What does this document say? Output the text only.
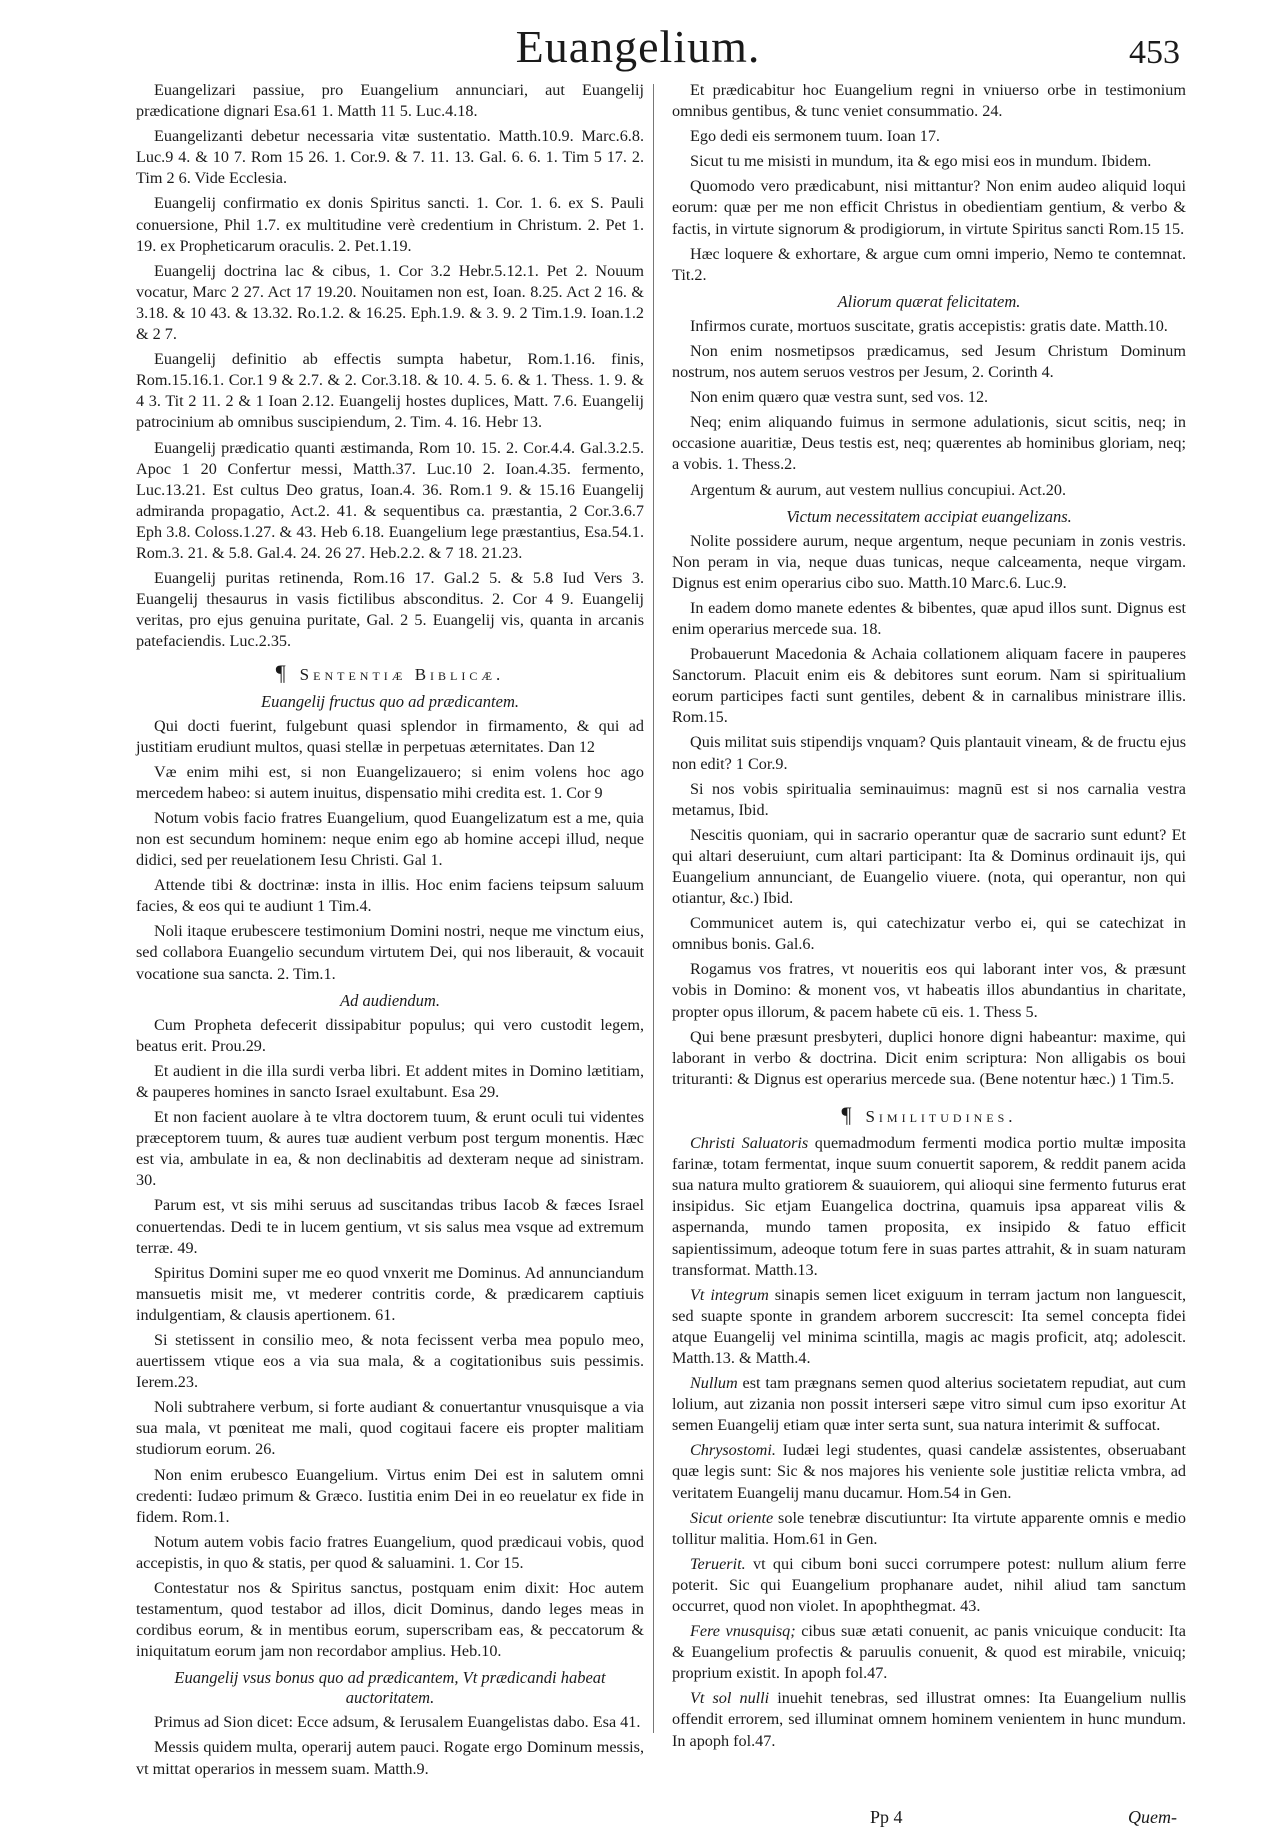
Euangelium.	453

Euangelizari passiue, pro Euangelium annunciari, aut Euangelij prædicatione dignari Esa.61 1. Matth 11 5. Luc.4.18.

Euangelizanti debetur necessaria vitæ sustentatio. Matth.10.9. Marc.6.8. Luc.9 4. & 10 7. Rom 15 26. 1. Cor.9. & 7. 11. 13. Gal. 6. 6. 1. Tim 5 17. 2. Tim 2 6. Vide Ecclesia.

Euangelij confirmatio ex donis Spiritus sancti. 1. Cor. 1. 6. ex S. Pauli conuersione, Phil 1.7. ex multitudine verè credentium in Christum. 2. Pet 1. 19. ex Propheticarum oraculis. 2. Pet.1.19.

Euangelij doctrina lac & cibus, 1. Cor 3.2 Hebr.5.12.1. Pet 2. Nouum vocatur, Marc 2 27. Act 17 19.20. Nouitamen non est, Ioan. 8.25. Act 2 16. & 3.18. & 10 43. & 13.32. Ro.1.2. & 16.25. Eph.1.9. & 3. 9. 2 Tim.1.9. Ioan.1.2 & 2 7.

Euangelij definitio ab effectis sumpta habetur, Rom.1.16. finis, Rom.15.16.1. Cor.1 9 & 2.7. & 2. Cor.3.18. & 10. 4. 5. 6. & 1. Thess. 1. 9. & 4 3. Tit 2 11. 2 & 1 Ioan 2.12. Euangelij hostes duplices, Matt. 7.6. Euangelij patrocinium ab omnibus suscipiendum, 2. Tim. 4. 16. Hebr 13.

Euangelij prædicatio quanti æstimanda, Rom 10. 15. 2. Cor.4.4. Gal.3.2.5. Apoc 1 20 Confertur messi, Matth.37. Luc.10 2. Ioan.4.35. fermento, Luc.13.21. Est cultus Deo gratus, Ioan.4. 36. Rom.1 9. & 15.16 Euangelij admiranda propagatio, Act.2. 41. & sequentibus ca. præstantia, 2 Cor.3.6.7 Eph 3.8. Coloss.1.27. & 43. Heb 6.18. Euangelium lege præstantius, Esa.54.1. Rom.3. 21. & 5.8. Gal.4. 24. 26 27. Heb.2.2. & 7 18. 21.23.

Euangelij puritas retinenda, Rom.16 17. Gal.2 5. & 5.8 Iud Vers 3. Euangelij thesaurus in vasis fictilibus absconditus. 2. Cor 4 9. Euangelij veritas, pro ejus genuina puritate, Gal. 2 5. Euangelij vis, quanta in arcanis patefaciendis. Luc.2.35.

¶ Sententiæ Biblicæ.
Euangelij fructus quo ad prædicantem.

Qui docti fuerint, fulgebunt quasi splendor in firmamento, & qui ad justitiam erudiunt multos, quasi stellæ in perpetuas æternitates. Dan 12

Væ enim mihi est, si non Euangelizauero; si enim volens hoc ago mercedem habeo: si autem inuitus, dispensatio mihi credita est. 1. Cor 9

Notum vobis facio fratres Euangelium, quod Euangelizatum est a me, quia non est secundum hominem: neque enim ego ab homine accepi illud, neque didici, sed per reuelationem Iesu Christi. Gal 1.

Attende tibi & doctrinæ: insta in illis. Hoc enim faciens teipsum saluum facies, & eos qui te audiunt 1 Tim.4.

Noli itaque erubescere testimonium Domini nostri, neque me vinctum eius, sed collabora Euangelio secundum virtutem Dei, qui nos liberauit, & vocauit vocatione sua sancta. 2. Tim.1.

Ad audiendum.

Cum Propheta defecerit dissipabitur populus; qui vero custodit legem, beatus erit. Prou.29.

Et audient in die illa surdi verba libri. Et addent mites in Domino lætitiam, & pauperes homines in sancto Israel exultabunt. Esa 29.

Et non facient auolare à te vltra doctorem tuum, & erunt oculi tui videntes præceptorem tuum, & aures tuæ audient verbum post tergum monentis. Hæc est via, ambulate in ea, & non declinabitis ad dexteram neque ad sinistram. 30.

Parum est, vt sis mihi seruus ad suscitandas tribus Iacob & fæces Israel conuertendas. Dedi te in lucem gentium, vt sis salus mea vsque ad extremum terræ. 49.

Spiritus Domini super me eo quod vnxerit me Dominus. Ad annunciandum mansuetis misit me, vt mederer contritis corde, & prædicarem captiuis indulgentiam, & clausis apertionem. 61.

Si stetissent in consilio meo, & nota fecissent verba mea populo meo, auertissem vtique eos a via sua mala, & a cogitationibus suis pessimis. Ierem.23.

Noli subtrahere verbum, si forte audiant & conuertantur vnusquisque a via sua mala, vt pœniteat me mali, quod cogitaui facere eis propter malitiam studiorum eorum. 26.

Non enim erubesco Euangelium. Virtus enim Dei est in salutem omni credenti: Iudæo primum & Græco. Iustitia enim Dei in eo reuelatur ex fide in fidem. Rom.1.

Notum autem vobis facio fratres Euangelium, quod prædicaui vobis, quod accepistis, in quo & statis, per quod & saluamini. 1. Cor 15.

Contestatur nos & Spiritus sanctus, postquam enim dixit: Hoc autem testamentum, quod testabor ad illos, dicit Dominus, dando leges meas in cordibus eorum, & in mentibus eorum, superscribam eas, & peccatorum & iniquitatum eorum jam non recordabor amplius. Heb.10.

Euangelij vsus bonus quo ad prædicantem, Vt prædicandi habeat auctoritatem.

Primus ad Sion dicet: Ecce adsum, & Ierusalem Euangelistas dabo. Esa 41.

Messis quidem multa, operarij autem pauci. Rogate ergo Dominum messis, vt mittat operarios in messem suam. Matth.9.

Et prædicabitur hoc Euangelium regni in vniuerso orbe in testimonium omnibus gentibus, & tunc veniet consummatio. 24.

Ego dedi eis sermonem tuum. Ioan 17.

Sicut tu me misisti in mundum, ita & ego misi eos in mundum. Ibidem.

Quomodo vero prædicabunt, nisi mittantur? Non enim audeo aliquid loqui eorum: quæ per me non efficit Christus in obedientiam gentium, & verbo & factis, in virtute signorum & prodigiorum, in virtute Spiritus sancti Rom.15 15.

Hæc loquere & exhortare, & argue cum omni imperio, Nemo te contemnat. Tit.2.

Aliorum quærat felicitatem.

Infirmos curate, mortuos suscitate, gratis accepistis: gratis date. Matth.10.

Non enim nosmetipsos prædicamus, sed Jesum Christum Dominum nostrum, nos autem seruos vestros per Jesum, 2. Corinth 4.

Non enim quæro quæ vestra sunt, sed vos. 12.

Neq; enim aliquando fuimus in sermone adulationis, sicut scitis, neq; in occasione auaritiæ, Deus testis est, neq; quærentes ab hominibus gloriam, neq; a vobis. 1. Thess.2.

Argentum & aurum, aut vestem nullius concupiui. Act.20.

Victum necessitatem accipiat euangelizans.

Nolite possidere aurum, neque argentum, neque pecuniam in zonis vestris. Non peram in via, neque duas tunicas, neque calceamenta, neque virgam. Dignus est enim operarius cibo suo. Matth.10 Marc.6. Luc.9.

In eadem domo manete edentes & bibentes, quæ apud illos sunt. Dignus est enim operarius mercede sua. 18.

Probauerunt Macedonia & Achaia collationem aliquam facere in pauperes Sanctorum. Placuit enim eis & debitores sunt eorum. Nam si spiritualium eorum participes facti sunt gentiles, debent & in carnalibus ministrare illis. Rom.15.

Quis militat suis stipendijs vnquam? Quis plantauit vineam, & de fructu ejus non edit? 1 Cor.9.

Si nos vobis spiritualia seminauimus: magnū est si nos carnalia vestra metamus, Ibid.

Nescitis quoniam, qui in sacrario operantur quæ de sacrario sunt edunt? Et qui altari deseruiunt, cum altari participant: Ita & Dominus ordinauit ijs, qui Euangelium annunciant, de Euangelio viuere. (nota, qui operantur, non qui otiantur, &c.) Ibid.

Communicet autem is, qui catechizatur verbo ei, qui se catechizat in omnibus bonis. Gal.6.

Rogamus vos fratres, vt noueritis eos qui laborant inter vos, & præsunt vobis in Domino: & monent vos, vt habeatis illos abundantius in charitate, propter opus illorum, & pacem habete cū eis. 1. Thess 5.

Qui bene præsunt presbyteri, duplici honore digni habeantur: maxime, qui laborant in verbo & doctrina. Dicit enim scriptura: Non alligabis os boui trituranti: & Dignus est operarius mercede sua. (Bene notentur hæc.) 1 Tim.5.

¶ Similitudines.

Christi Saluatoris quemadmodum fermenti modica portio multæ imposita farinæ, totam fermentat, inque suum conuertit saporem, & reddit panem acida sua natura multo gratiorem & suauiorem, qui alioqui sine fermento futurus erat insipidus. Sic etjam Euangelica doctrina, quamuis ipsa appareat vilis & aspernanda, mundo tamen proposita, ex insipido & fatuo efficit sapientissimum, adeoque totum fere in suas partes attrahit, & in suam naturam transformat. Matth.13.

Vt integrum sinapis semen licet exiguum in terram jactum non languescit, sed suapte sponte in grandem arborem succrescit: Ita semel concepta fidei atque Euangelij vel minima scintilla, magis ac magis proficit, atq; adolescit. Matth.13. & Matth.4.

Nullum est tam prægnans semen quod alterius societatem repudiat, aut cum lolium, aut zizania non possit interseri sæpe vitro simul cum ipso exoritur At semen Euangelij etiam quæ inter serta sunt, sua natura interimit & suffocat.

Chrysostomi. Iudæi legi studentes, quasi candelæ assistentes, obseruabant quæ legis sunt: Sic & nos majores his veniente sole justitiæ relicta vmbra, ad veritatem Euangelij manu ducamur. Hom.54 in Gen.

Sicut oriente sole tenebræ discutiuntur: Ita virtute apparente omnis e medio tollitur malitia. Hom.61 in Gen.

Teruerit. vt qui cibum boni succi corrumpere potest: nullum alium ferre poterit. Sic qui Euangelium prophanare audet, nihil aliud tam sanctum occurret, quod non violet. In apophthegmat. 43.

Fere vnusquisq; cibus suæ ætati conuenit, ac panis vnicuique conducit: Ita & Euangelium profectis & paruulis conuenit, & quod est mirabile, vnicuiq; proprium existit. In apoph fol.47.

Vt sol nulli inuehit tenebras, sed illustrat omnes: Ita Euangelium nullis offendit errorem, sed illuminat omnem hominem venientem in hunc mundum. In apoph fol.47.

Pp 4	Quem-
